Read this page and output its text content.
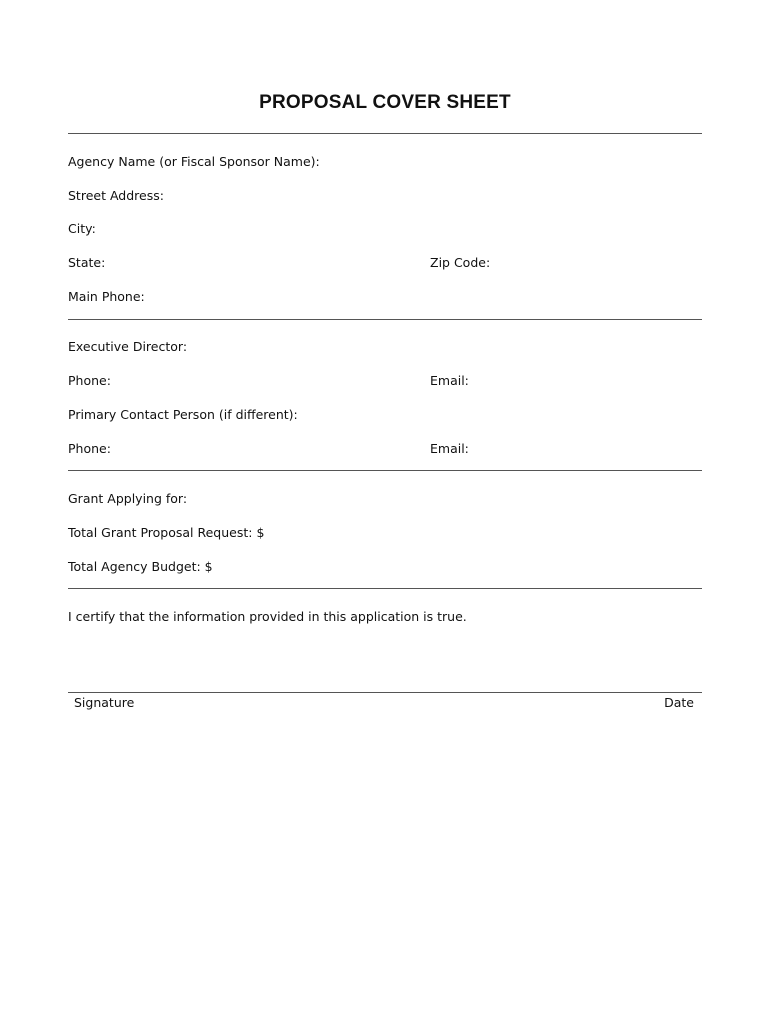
PROPOSAL COVER SHEET
Agency Name (or Fiscal Sponsor Name):
Street Address:
City:
State:	Zip Code:
Main Phone:
Executive Director:
Phone:	Email:
Primary Contact Person (if different):
Phone:	Email:
Grant Applying for:
Total Grant Proposal Request: $
Total Agency Budget: $
I certify that the information provided in this application is true.
Signature	Date
